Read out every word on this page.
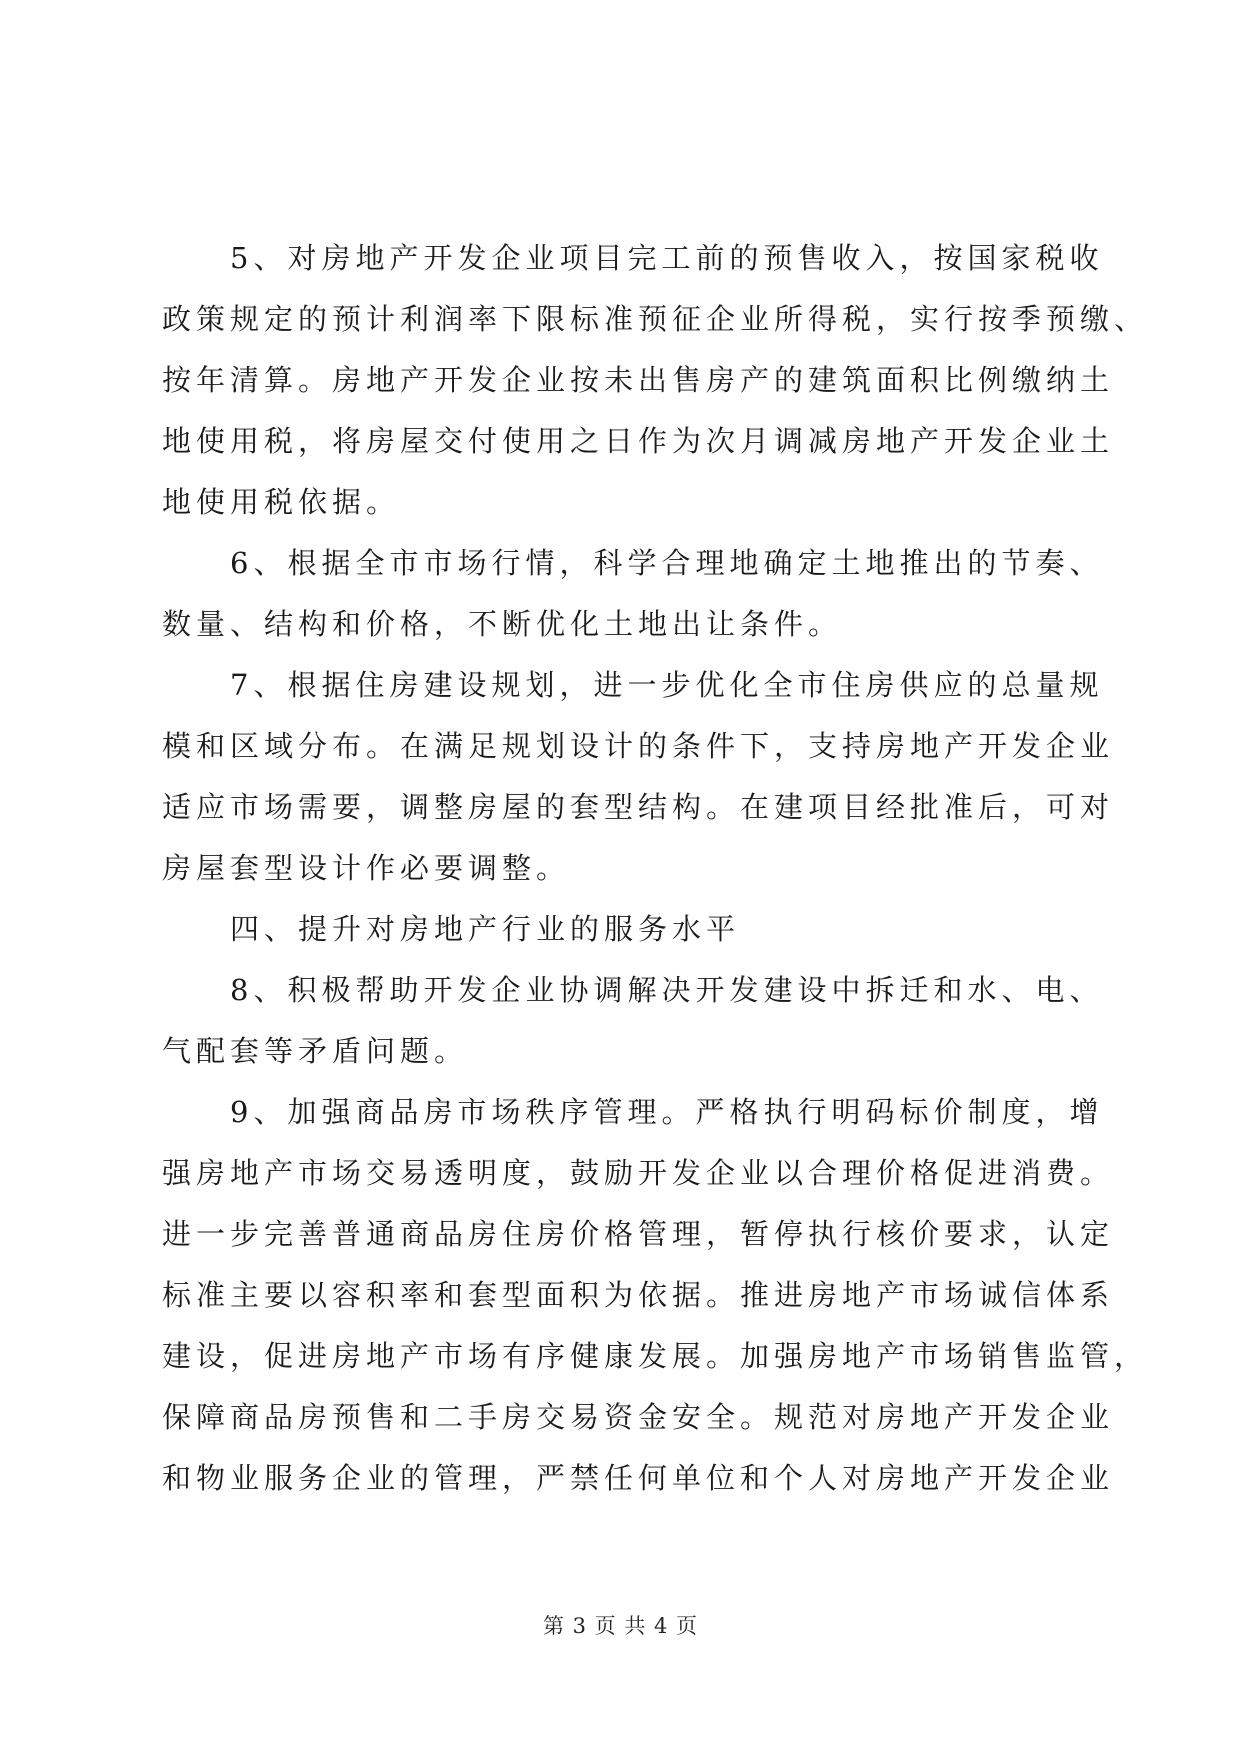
5、对房地产开发企业项目完工前的预售收入，按国家税收
政策规定的预计利润率下限标准预征企业所得税，实行按季预缴、
按年清算。房地产开发企业按未出售房产的建筑面积比例缴纳土
地使用税，将房屋交付使用之日作为次月调减房地产开发企业土
地使用税依据。
6、根据全市市场行情，科学合理地确定土地推出的节奏、
数量、结构和价格，不断优化土地出让条件。
7、根据住房建设规划，进一步优化全市住房供应的总量规
模和区域分布。在满足规划设计的条件下，支持房地产开发企业
适应市场需要，调整房屋的套型结构。在建项目经批准后，可对
房屋套型设计作必要调整。
四、提升对房地产行业的服务水平
8、积极帮助开发企业协调解决开发建设中拆迁和水、电、
气配套等矛盾问题。
9、加强商品房市场秩序管理。严格执行明码标价制度，增
强房地产市场交易透明度，鼓励开发企业以合理价格促进消费。
进一步完善普通商品房住房价格管理，暂停执行核价要求，认定
标准主要以容积率和套型面积为依据。推进房地产市场诚信体系
建设，促进房地产市场有序健康发展。加强房地产市场销售监管，
保障商品房预售和二手房交易资金安全。规范对房地产开发企业
和物业服务企业的管理，严禁任何单位和个人对房地产开发企业
第 3 页 共 4 页
